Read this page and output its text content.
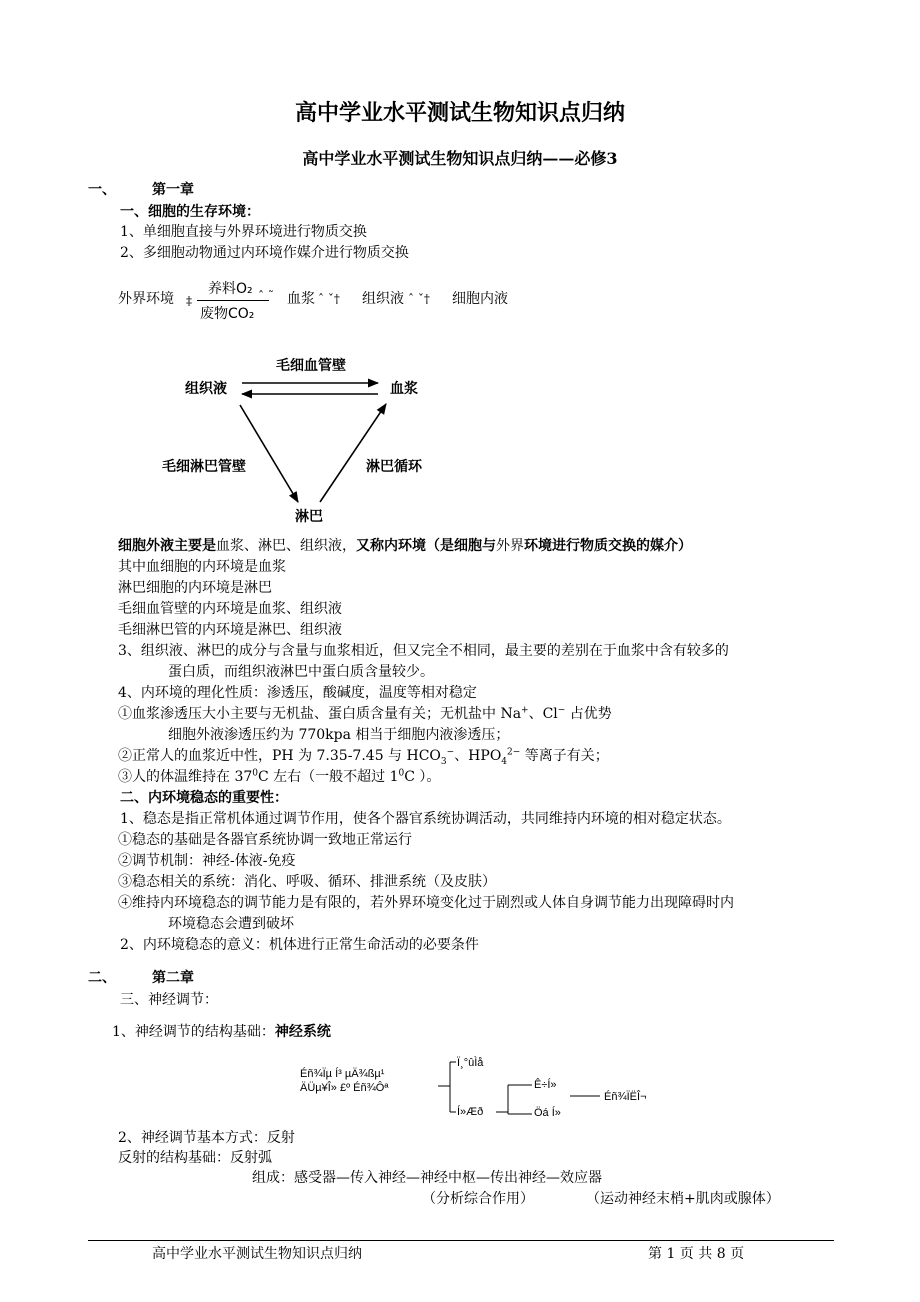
高中学业水平测试生物知识点归纳
高中学业水平测试生物知识点归纳——必修3
一、	第一章
一、细胞的生存环境：
1、单细胞直接与外界环境进行物质交换
2、多细胞动物通过内环境作媒介进行物质交换
外界环境 ‡
养料O₂
废物CO₂
ˆ ˜ 血浆 ˆ ˇ† 组织液 ˆ ˇ† 细胞内液
毛细血管壁
组织液	血浆
毛细淋巴管壁	淋巴循环
淋巴
细胞外液主要是血浆、淋巴、组织液，又称内环境（是细胞与外界环境进行物质交换的媒介）
其中血细胞的内环境是血浆
淋巴细胞的内环境是淋巴
毛细血管壁的内环境是血浆、组织液
毛细淋巴管的内环境是淋巴、组织液
3、组织液、淋巴的成分与含量与血浆相近，但又完全不相同，最主要的差别在于血浆中含有较多的
蛋白质，而组织液淋巴中蛋白质含量较少。
4、内环境的理化性质：渗透压，酸碱度，温度等相对稳定
①血浆渗透压大小主要与无机盐、蛋白质含量有关；无机盐中 Na+、Cl− 占优势
细胞外液渗透压约为 770kpa 相当于细胞内液渗透压；
②正常人的血浆近中性，PH 为 7.35-7.45 与 $HCO_3^-$、$HPO_4^{2-}$ 等离子有关；
③人的体温维持在 $37^0C$ 左右（一般不超过 $1^0C$ ）。
二、内环境稳态的重要性：
1、稳态是指正常机体通过调节作用，使各个器官系统协调活动，共同维持内环境的相对稳定状态。
①稳态的基础是各器官系统协调一致地正常运行
②调节机制：神经-体液-免疫
③稳态相关的系统：消化、呼吸、循环、排泄系统（及皮肤）
④维持内环境稳态的调节能力是有限的，若外界环境变化过于剧烈或人体自身调节能力出现障碍时内
环境稳态会遭到破坏
2、内环境稳态的意义：机体进行正常生命活动的必要条件
二、	第二章
三、神经调节：
1、神经调节的结构基础：神经系统
Éñ¾Ïµ Í³ µÄ¾ßµ¹
ÄÜµ¥Î» £º Éñ¾Ôª
Ï¸°ûÌå
Í»Æð
Ê÷Í»
Öá Í»
Éñ¾ÏËÎ¬
2、神经调节基本方式：反射
反射的结构基础：反射弧
组成：感受器—传入神经—神经中枢—传出神经—效应器
（分析综合作用）	（运动神经末梢+肌肉或腺体）
高中学业水平测试生物知识点归纳	第 1 页 共 8 页
